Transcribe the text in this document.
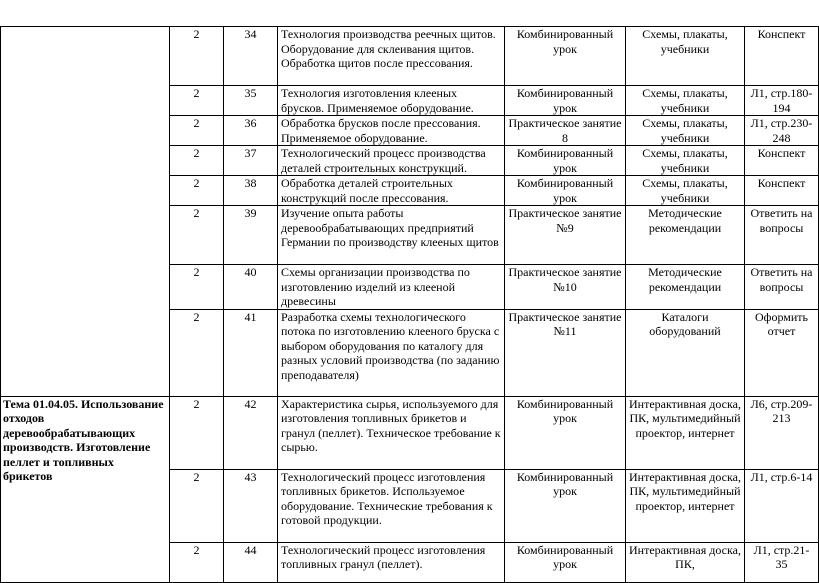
	2	34	Технология производства реечных щитов. Оборудование для склеивания щитов. Обработка щитов после прессования.	Комбинированный урок	Схемы, плакаты, учебники	Конспект
	2	35	Технология изготовления клееных брусков. Применяемое оборудование.	Комбинированный урок	Схемы, плакаты, учебники	Л1, стр.180-194
	2	36	Обработка брусков после прессования. Применяемое оборудование.	Практическое занятие 8	Схемы, плакаты, учебники	Л1, стр.230-248
	2	37	Технологический процесс производства деталей строительных конструкций.	Комбинированный урок	Схемы, плакаты, учебники	Конспект
	2	38	Обработка деталей строительных конструкций после прессования.	Комбинированный урок	Схемы, плакаты, учебники	Конспект
	2	39	Изучение опыта работы деревообрабатывающих предприятий Германии по производству клееных щитов	Практическое занятие №9	Методические рекомендации	Ответить на вопросы
	2	40	Схемы организации производства по изготовлению изделий из клееной древесины	Практическое занятие №10	Методические рекомендации	Ответить на вопросы
	2	41	Разработка схемы технологического потока по изготовлению клееного бруска с выбором оборудования по каталогу для разных условий производства (по заданию преподавателя)	Практическое занятие №11	Каталоги оборудований	Оформить отчет
Тема 01.04.05. Использование отходов деревообрабатывающих производств. Изготовление пеллет и топливных брикетов	2	42	Характеристика сырья, используемого для изготовления топливных брикетов и гранул (пеллет). Техническое требование к сырью.	Комбинированный урок	Интерактивная доска, ПК, мультимедийный проектор, интернет	Л6, стр.209-213
	2	43	Технологический процесс изготовления топливных брикетов. Используемое оборудование. Технические требования к готовой продукции.	Комбинированный урок	Интерактивная доска, ПК, мультимедийный проектор, интернет	Л1, стр.6-14
	2	44	Технологический процесс изготовления топливных гранул (пеллет).	Комбинированный урок	Интерактивная доска, ПК,	Л1, стр.21-35
